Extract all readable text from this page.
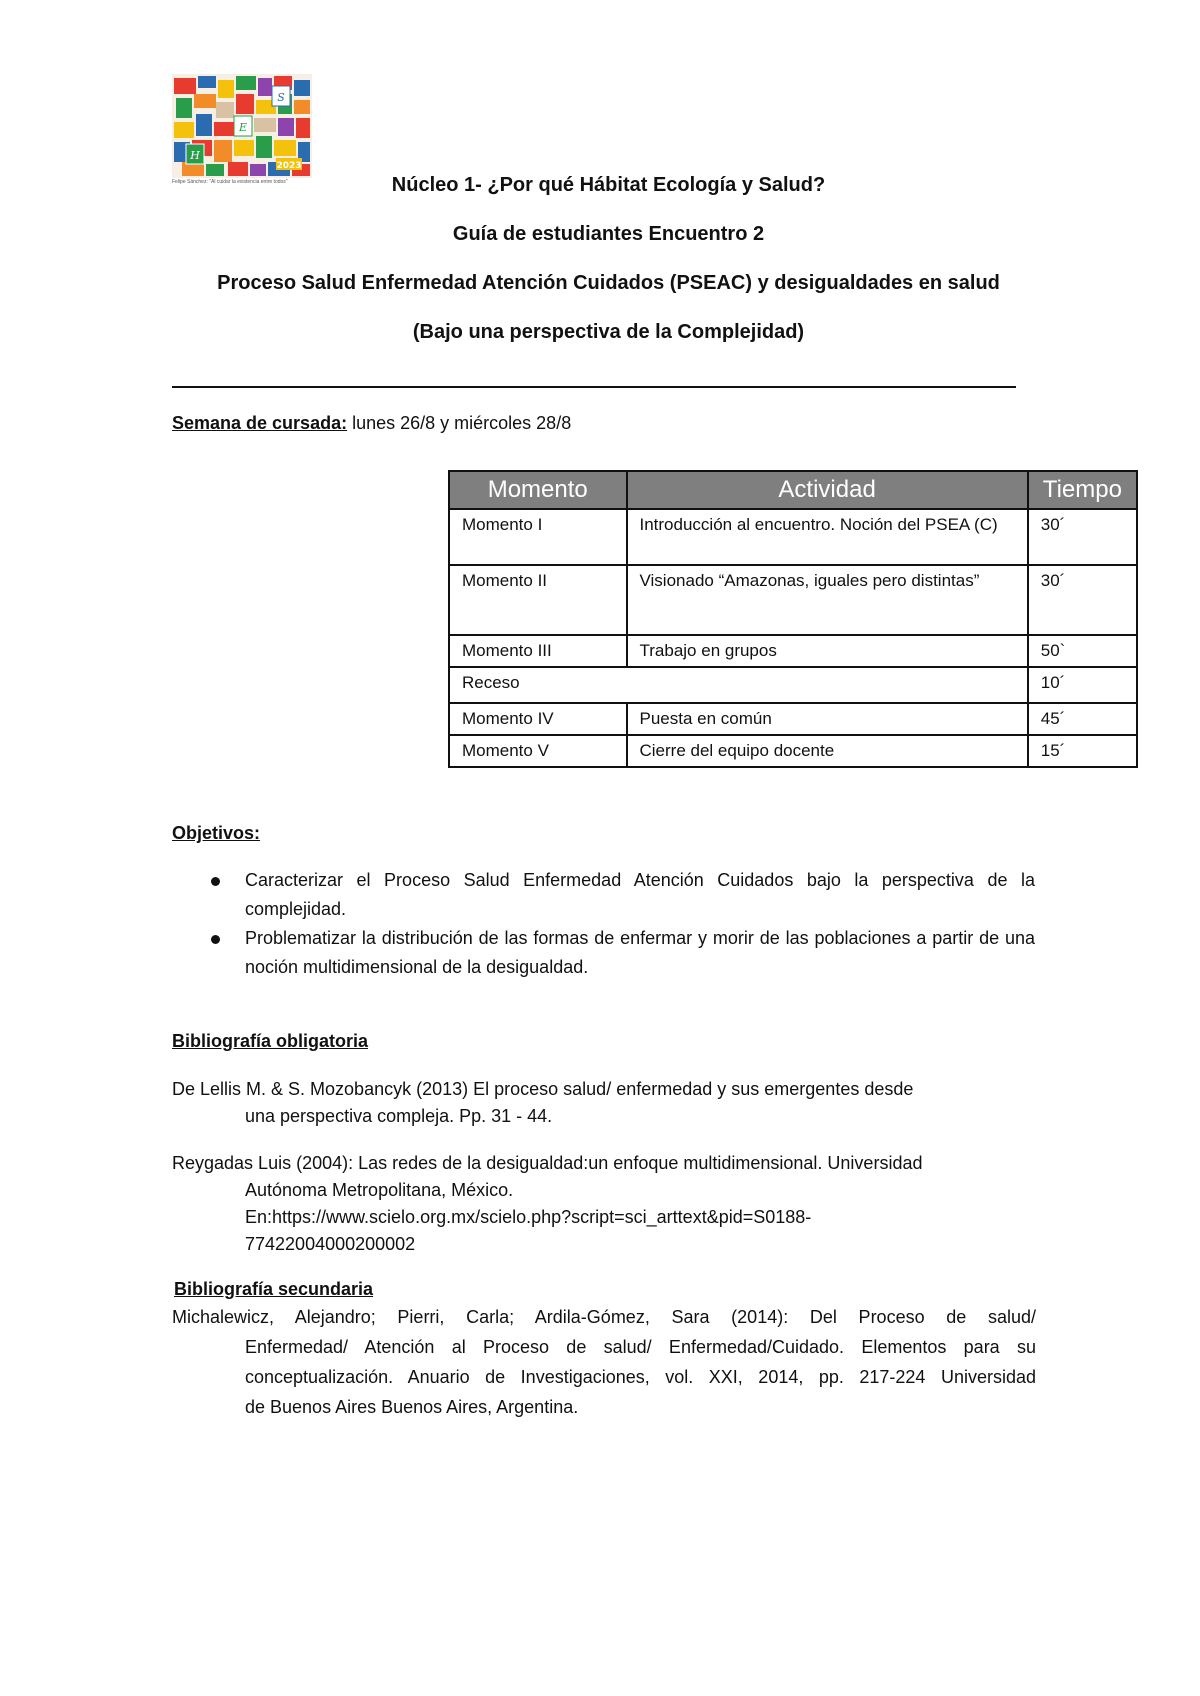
S
E
H
2023
Felipe Sánchez: "Al cuidar la existencia entre todos"	Núcleo 1- ¿Por qué Hábitat Ecología y Salud?
Guía de estudiantes Encuentro 2
Proceso Salud Enfermedad Atención Cuidados (PSEAC) y desigualdades en salud
(Bajo una perspectiva de la Complejidad)
Semana de cursada: lunes 26/8 y miércoles 28/8
Momento	Actividad	Tiempo
Momento I	Introducción al encuentro. Noción del PSEA (C)	30´
Momento II	Visionado “Amazonas, iguales pero distintas”	30´
Momento III	Trabajo en grupos	50`
Receso		10´
Momento IV	Puesta en común	45´
Momento V	Cierre del equipo docente	15´
Objetivos:
Caracterizar el Proceso Salud Enfermedad Atención Cuidados bajo la perspectiva de la complejidad.
Problematizar la distribución de las formas de enfermar y morir de las poblaciones a partir de una noción multidimensional de la desigualdad.
Bibliografía obligatoria
De Lellis M. & S. Mozobancyk (2013) El proceso salud/ enfermedad y sus emergentes desde
una perspectiva compleja. Pp. 31 - 44.
Reygadas Luis (2004): Las redes de la desigualdad:un enfoque multidimensional. Universidad
Autónoma Metropolitana, México.
En:https://www.scielo.org.mx/scielo.php?script=sci_arttext&pid=S0188-
77422004000200002
Bibliografía secundaria
Michalewicz, Alejandro; Pierri, Carla; Ardila-Gómez, Sara (2014): Del Proceso de salud/
Enfermedad/ Atención al Proceso de salud/ Enfermedad/Cuidado. Elementos para su
conceptualización. Anuario de Investigaciones, vol. XXI, 2014, pp. 217-224 Universidad
de Buenos Aires Buenos Aires, Argentina.
